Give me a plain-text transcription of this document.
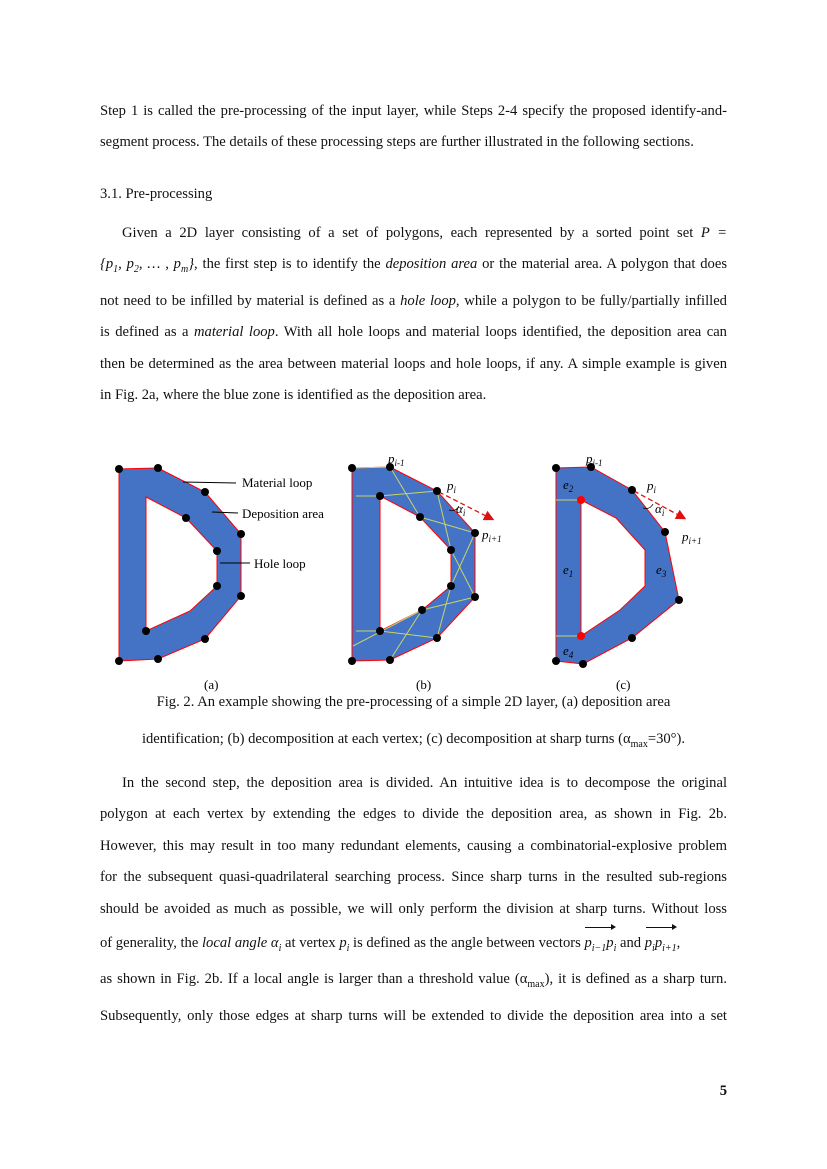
Step 1 is called the pre-processing of the input layer, while Steps 2-4 specify the proposed identify-and-
segment process. The details of these processing steps are further illustrated in the following sections.
3.1. Pre-processing
Given a 2D layer consisting of a set of polygons, each represented by a sorted point set P =
{$p_1$, $p_2$, … , $p_m$}, the first step is to identify the deposition area or the material area. A polygon that does
not need to be infilled by material is defined as a hole loop, while a polygon to be fully/partially infilled
is defined as a material loop. With all hole loops and material loops identified, the deposition area can
then be determined as the area between material loops and hole loops, if any. A simple example is given
in Fig. 2a, where the blue zone is identified as the deposition area.
Material loop
Deposition area
Hole loop
(a)
$p_{i-1}$
$p_i$
$\alpha_i$
$p_{i+1}$
(b)
$p_{i-1}$
$p_i$
$\alpha_i$
$p_{i+1}$
$e_2$
$e_1$	$e_3$
$e_4$
(c)
Fig. 2. An example showing the pre-processing of a simple 2D layer, (a) deposition area
identification; (b) decomposition at each vertex; (c) decomposition at sharp turns $(\alpha_{max}=30^\circ)$.
In the second step, the deposition area is divided. An intuitive idea is to decompose the original
polygon at each vertex by extending the edges to divide the deposition area, as shown in Fig. 2b.
However, this may result in too many redundant elements, causing a combinatorial-explosive problem
for the subsequent quasi-quadrilateral searching process. Since sharp turns in the resulted sub-regions
should be avoided as much as possible, we will only perform the division at sharp turns. Without loss
of generality, the local angle $\alpha_i$ at vertex $p_i$ is defined as the angle between vectors $p_{i-1}p_i$ and $p_ip_{i+1}$,
as shown in Fig. 2b. If a local angle is larger than a threshold value $(\alpha_{max})$, it is defined as a sharp turn.
Subsequently, only those edges at sharp turns will be extended to divide the deposition area into a set
5
